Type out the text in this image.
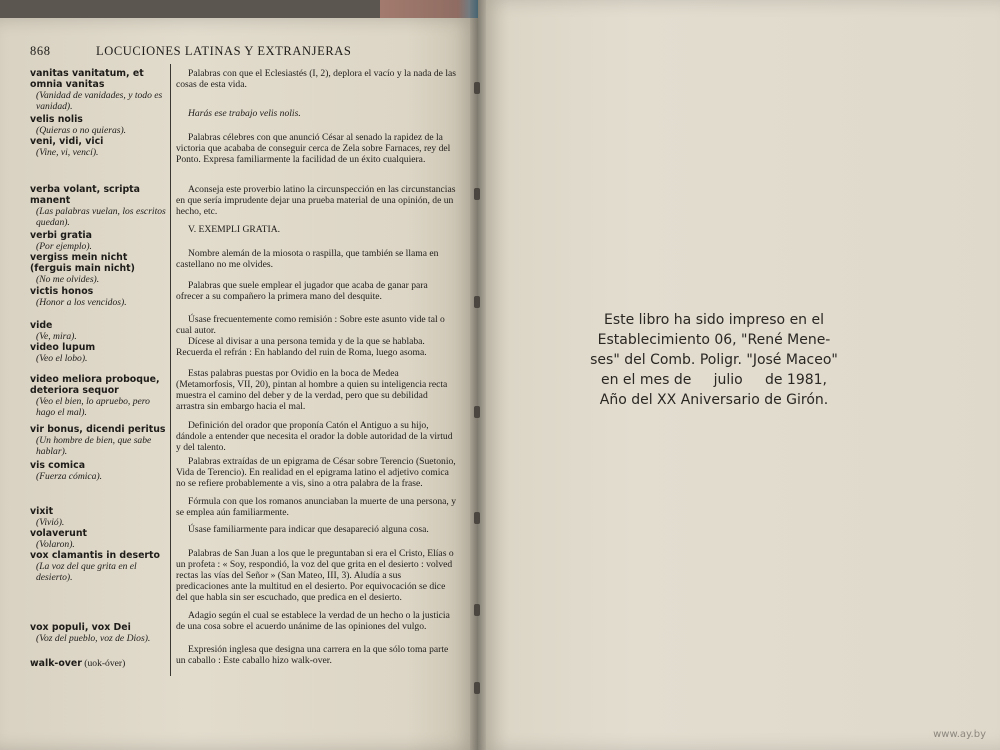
868	LOCUCIONES LATINAS Y EXTRANJERAS
vanitas vanitatum, et omnia vanitas
(Vanidad de vanidades, y todo es vanidad).
velis nolis
(Quieras o no quieras).
veni, vidi, vici
(Vine, vi, vencí).
verba volant, scripta manent
(Las palabras vuelan, los escritos quedan).
verbi gratia
(Por ejemplo).
vergiss mein nicht (ferguis main nicht)
(No me olvides).
victis honos
(Honor a los vencidos).
vide
(Ve, mira).
video lupum
(Veo el lobo).
video meliora proboque, deteriora sequor
(Veo el bien, lo apruebo, pero hago el mal).
vir bonus, dicendi peritus
(Un hombre de bien, que sabe hablar).
vis comica
(Fuerza cómica).
vixit
(Vivió).
volaverunt
(Volaron).
vox clamantis in deserto
(La voz del que grita en el desierto).
vox populi, vox Dei
(Voz del pueblo, voz de Dios).
walk-over (uok-óver)
Palabras con que el Eclesiastés (I, 2), deplora el vacío y la nada de las cosas de esta vida.
Harás ese trabajo velis nolis.
Palabras célebres con que anunció César al senado la rapidez de la victoria que acababa de conseguir cerca de Zela sobre Farnaces, rey del Ponto. Expresa familiarmente la facilidad de un éxito cualquiera.
Aconseja este proverbio latino la circunspección en las circunstancias en que sería imprudente dejar una prueba material de una opinión, de un hecho, etc.
V. EXEMPLI GRATIA.
Nombre alemán de la miosota o raspilla, que también se llama en castellano no me olvides.
Palabras que suele emplear el jugador que acaba de ganar para ofrecer a su compañero la primera mano del desquite.
Úsase frecuentemente como remisión : Sobre este asunto vide tal o cual autor.
Dícese al divisar a una persona temida y de la que se hablaba. Recuerda el refrán : En hablando del ruin de Roma, luego asoma.
Estas palabras puestas por Ovidio en la boca de Medea (Metamorfosis, VII, 20), pintan al hombre a quien su inteligencia recta muestra el camino del deber y de la verdad, pero que su debilidad arrastra sin embargo hacia el mal.
Definición del orador que proponía Catón el Antiguo a su hijo, dándole a entender que necesita el orador la doble autoridad de la virtud y del talento.
Palabras extraídas de un epigrama de César sobre Terencio (Suetonio, Vida de Terencio). En realidad en el epigrama latino el adjetivo comica no se refiere probablemente a vis, sino a otra palabra de la frase.
Fórmula con que los romanos anunciaban la muerte de una persona, y se emplea aún familiarmente.
Úsase familiarmente para indicar que desapareció alguna cosa.
Palabras de San Juan a los que le preguntaban si era el Cristo, Elías o un profeta : « Soy, respondió, la voz del que grita en el desierto : volved rectas las vías del Señor » (San Mateo, III, 3). Aludía a sus predicaciones ante la multitud en el desierto. Por equivocación se dice del que habla sin ser escuchado, que predica en el desierto.
Adagio según el cual se establece la verdad de un hecho o la justicia de una cosa sobre el acuerdo unánime de las opiniones del vulgo.
Expresión inglesa que designa una carrera en la que sólo toma parte un caballo : Este caballo hizo walk-over.
Este libro ha sido impreso en el
Establecimiento 06, "René Mene-
ses" del Comb. Poligr. "José Maceo"
en el mes de     julio     de 1981,
Año del XX Aniversario de Girón.
www.ay.by
